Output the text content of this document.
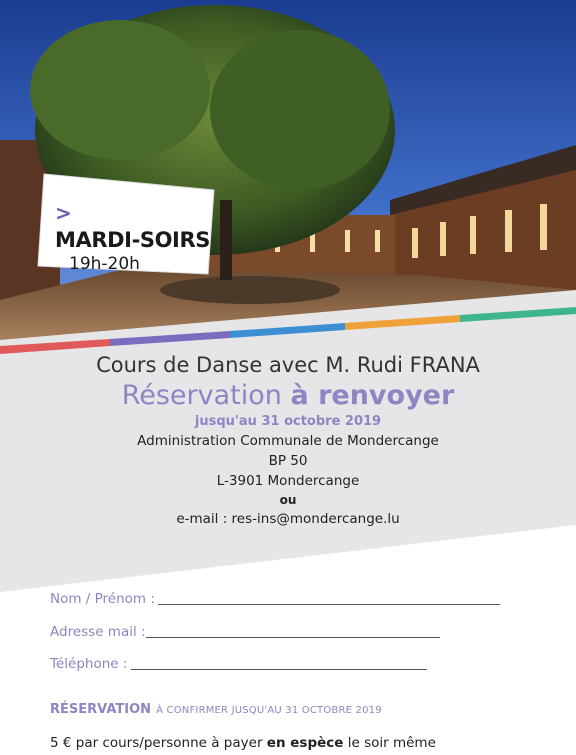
>
MARDI-SOIRS
19h-20h
Cours de Danse avec M. Rudi FRANA
Réservation à renvoyer
jusqu'au 31 octobre 2019
Administration Communale de Mondercange
BP 50
L-3901 Mondercange
ou
e-mail : res-ins@mondercange.lu
Nom / Prénom :
Adresse mail :
Téléphone :
RÉSERVATION À CONFIRMER JUSQU'AU 31 OCTOBRE 2019
5 € par cours/personne à payer en espèce le soir même
